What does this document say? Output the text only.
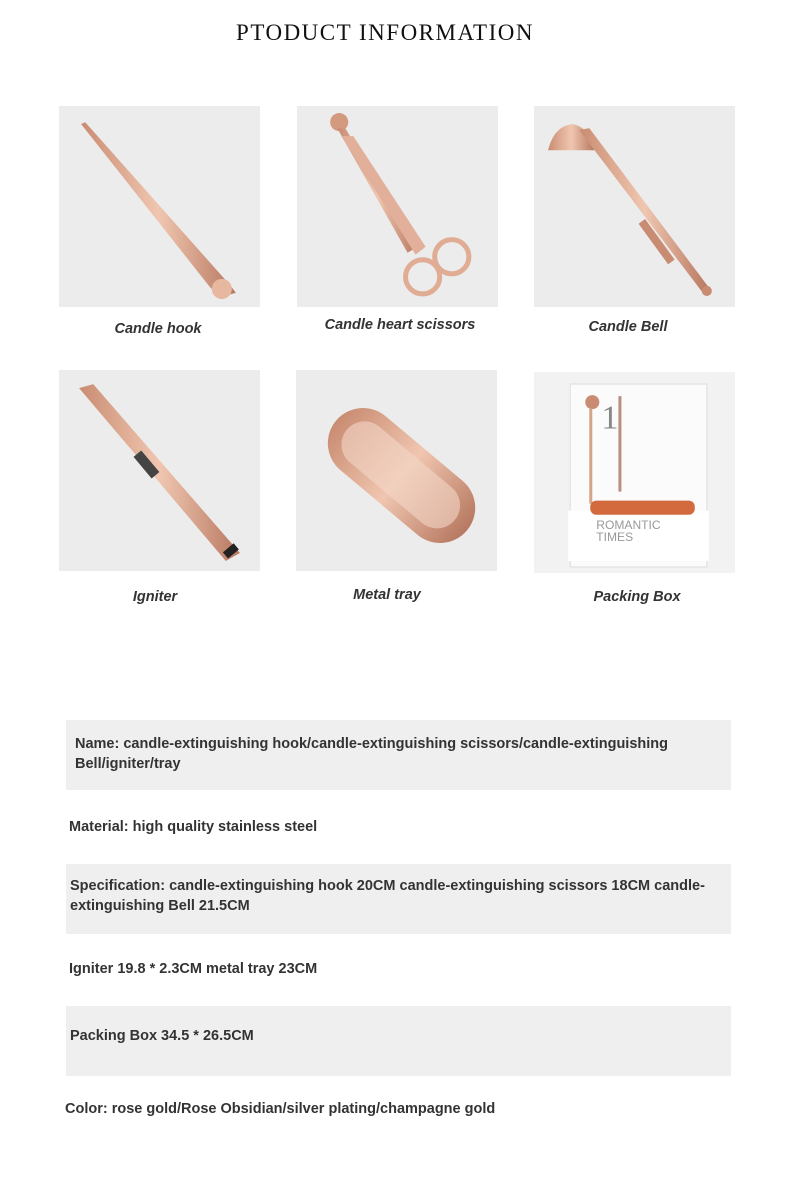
PTODUCT INFORMATION
1
ROMANTIC
TIMES
Candle hook	Candle heart scissors	Candle Bell
Igniter	Metal tray	Packing Box
Name: candle-extinguishing hook/candle-extinguishing scissors/candle-extinguishing Bell/igniter/tray
Material: high quality stainless steel
Specification: candle-extinguishing hook 20CM candle-extinguishing scissors 18CM candle-extinguishing Bell 21.5CM
Igniter 19.8 * 2.3CM metal tray 23CM
Packing Box 34.5 * 26.5CM
Color: rose gold/Rose Obsidian/silver plating/champagne gold
